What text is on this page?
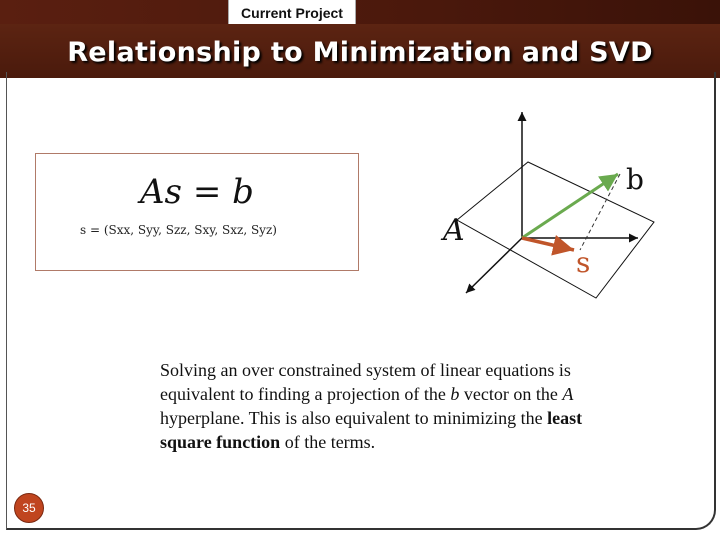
Current Project
Relationship to Minimization and SVD
As = b
s = (Sxx, Syy, Szz, Sxy, Sxz, Syz)
b
A
s
Solving an over constrained system of linear equations is equivalent to finding a projection of the b vector on the A hyperplane. This is also equivalent to minimizing the least square function of the terms.
35
